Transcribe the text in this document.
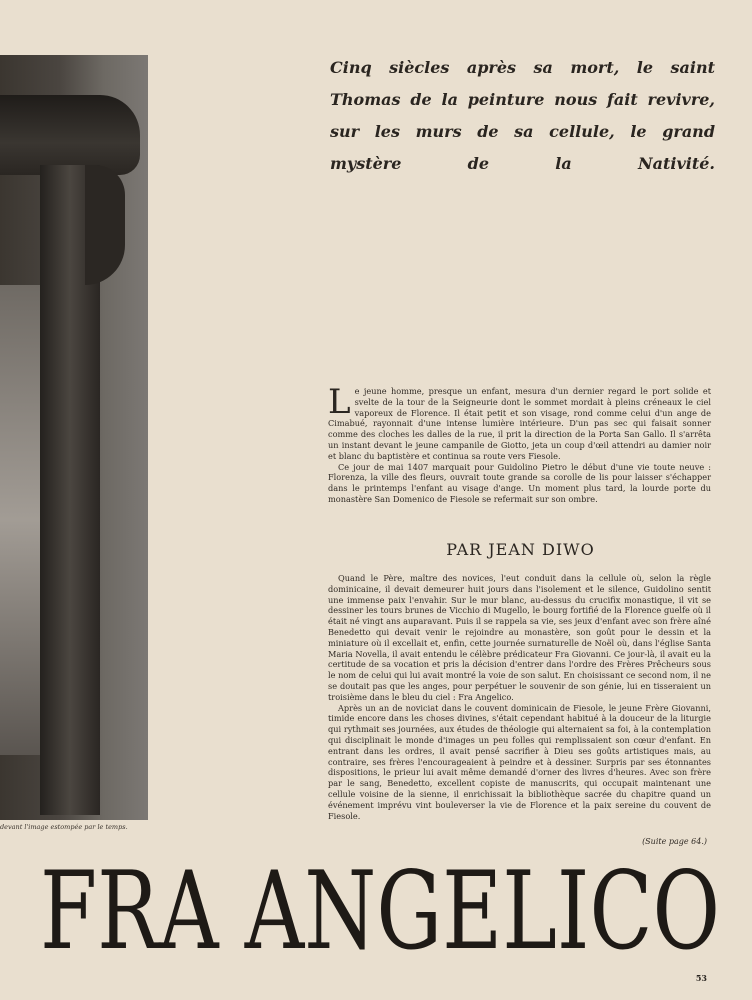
devant l'image estompée par le temps.
Cinq siècles après sa mort, le saint Thomas de la peinture nous fait revivre, sur les murs de sa cellule, le grand mystère de la Nativité.

Le jeune homme, presque un enfant, mesura d'un dernier regard le port solide et svelte de la tour de la Seigneurie dont le sommet mordait à pleins créneaux le ciel vaporeux de Florence. Il était petit et son visage, rond comme celui d'un ange de Cimabué, rayonnait d'une intense lumière intérieure. D'un pas sec qui faisait sonner comme des cloches les dalles de la rue, il prit la direction de la Porta San Gallo. Il s'arrêta un instant devant le jeune campanile de Giotto, jeta un coup d'œil attendri au damier noir et blanc du baptistère et continua sa route vers Fiesole.

Ce jour de mai 1407 marquait pour Guidolino Pietro le début d'une vie toute neuve : Florenza, la ville des fleurs, ouvrait toute grande sa corolle de lis pour laisser s'échapper dans le printemps l'enfant au visage d'ange. Un moment plus tard, la lourde porte du monastère San Domenico de Fiesole se refermait sur son ombre.

PAR JEAN DIWO

Quand le Père, maître des novices, l'eut conduit dans la cellule où, selon la règle dominicaine, il devait demeurer huit jours dans l'isolement et le silence, Guidolino sentit une immense paix l'envahir. Sur le mur blanc, au-dessus du crucifix monastique, il vit se dessiner les tours brunes de Vicchio di Mugello, le bourg fortifié de la Florence guelfe où il était né vingt ans auparavant. Puis il se rappela sa vie, ses jeux d'enfant avec son frère aîné Benedetto qui devait venir le rejoindre au monastère, son goût pour le dessin et la miniature où il excellait et, enfin, cette journée surnaturelle de Noël où, dans l'église Santa Maria Novella, il avait entendu le célèbre prédicateur Fra Giovanni. Ce jour-là, il avait eu la certitude de sa vocation et pris la décision d'entrer dans l'ordre des Frères Prêcheurs sous le nom de celui qui lui avait montré la voie de son salut. En choisissant ce second nom, il ne se doutait pas que les anges, pour perpétuer le souvenir de son génie, lui en tisseraient un troisième dans le bleu du ciel : Fra Angelico.

Après un an de noviciat dans le couvent dominicain de Fiesole, le jeune Frère Giovanni, timide encore dans les choses divines, s'était cependant habitué à la douceur de la liturgie qui rythmait ses journées, aux études de théologie qui alternaient sa foi, à la contemplation qui disciplinait le monde d'images un peu folles qui remplissaient son cœur d'enfant. En entrant dans les ordres, il avait pensé sacrifier à Dieu ses goûts artistiques mais, au contraire, ses frères l'encourageaient à peindre et à dessiner. Surpris par ses étonnantes dispositions, le prieur lui avait même demandé d'orner des livres d'heures. Avec son frère par le sang, Benedetto, excellent copiste de manuscrits, qui occupait maintenant une cellule voisine de la sienne, il enrichissait la bibliothèque sacrée du chapitre quand un événement imprévu vint bouleverser la vie de Florence et la paix sereine du couvent de Fiesole.

(Suite page 64.)
FRA ANGELICO
53
